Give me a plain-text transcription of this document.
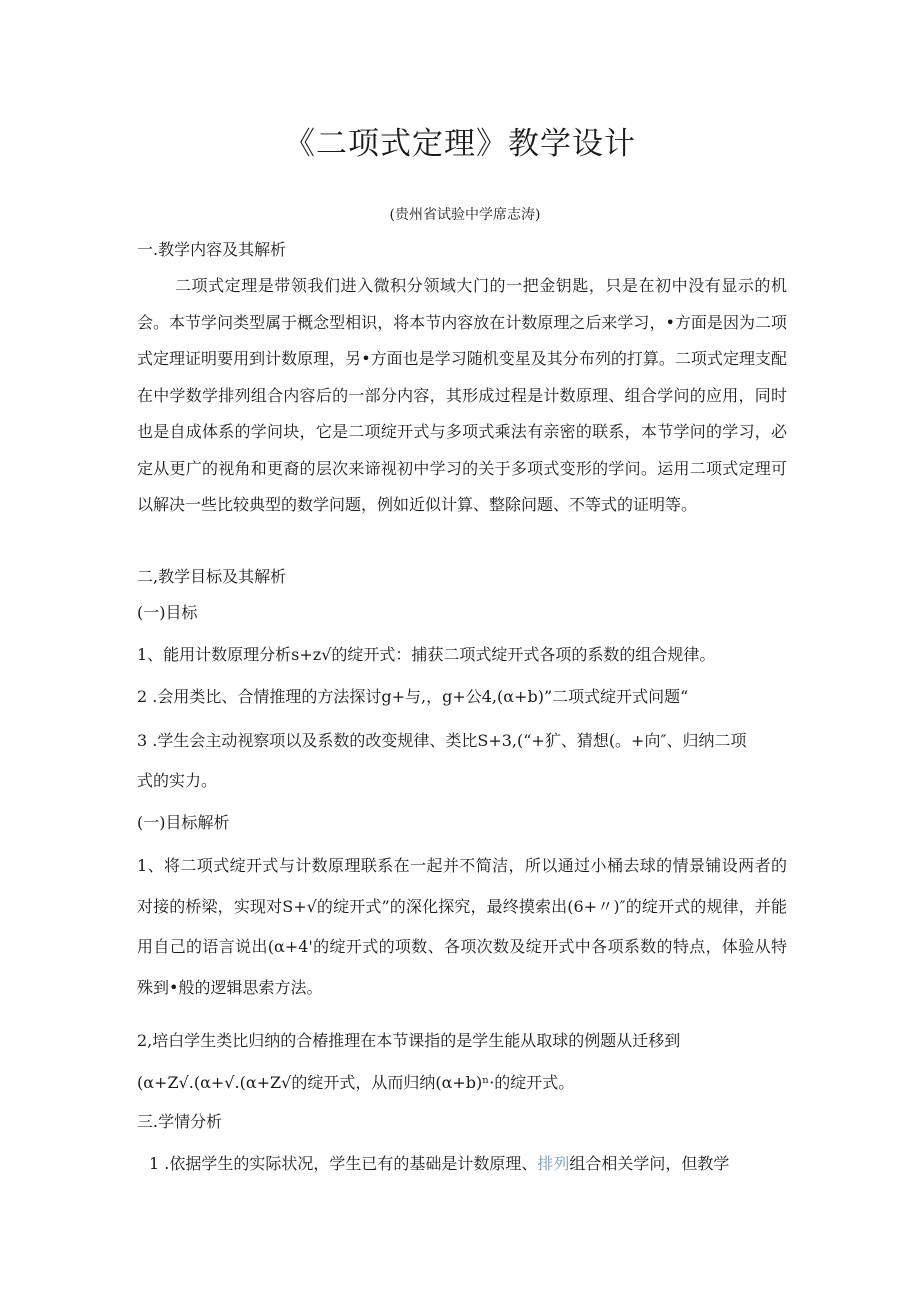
《二项式定理》教学设计
(贵州省试验中学席志涛)
一.教学内容及其解析

二项式定理是带领我们进入微积分领域大门的一把金钥匙，只是在初中没有显示的机会。本节学问类型属于概念型相识，将本节内容放在计数原理之后来学习，•方面是因为二项式定理证明要用到计数原理，另•方面也是学习随机变星及其分布列的打算。二项式定理支配在中学数学排列组合内容后的一部分内容，其形成过程是计数原理、组合学问的应用，同时也是自成体系的学问块，它是二项绽开式与多项式乘法有亲密的联系，本节学问的学习，必定从更广的视角和更裔的层次来谛视初中学习的关于多项式变形的学问。运用二项式定理可以解决一些比较典型的数学问题，例如近似计算、整除问题、不等式的证明等。

二,教学目标及其解析
(一)目标
1、能用计数原理分析s+z√的绽开式：捕获二项式绽开式各项的系数的组合规律。
2 .会用类比、合情推理的方法探讨g+与,，g+公4,(α+b)”二项式绽开式问题“
3 .学生会主动视察项以及系数的改变规律、类比S+3,(“+犷、猜想(。+向″、归纳二项
式的实力。
(一)目标解析

1、将二项式绽开式与计数原理联系在一起并不简洁，所以通过小桶去球的情景铺设两者的对接的桥梁，实现对S+√的绽开式”的深化探究，最终摸索出(6+〃)″的绽开式的规律，并能用自己的语言说出(α+4'的绽开式的项数、各项次数及绽开式中各项系数的特点，体验从特殊到•般的逻辑思索方法。

2,培白学生类比归纳的合椿推理在本节课指的是学生能从取球的例题从迁移到
(α+Z√.(α+√.(α+Z√的绽开式，从而归纳(α+b)ⁿ·的绽开式。
三.学情分析
1 .依据学生的实际状况，学生已有的基础是计数原理、排列组合相关学问，但教学
